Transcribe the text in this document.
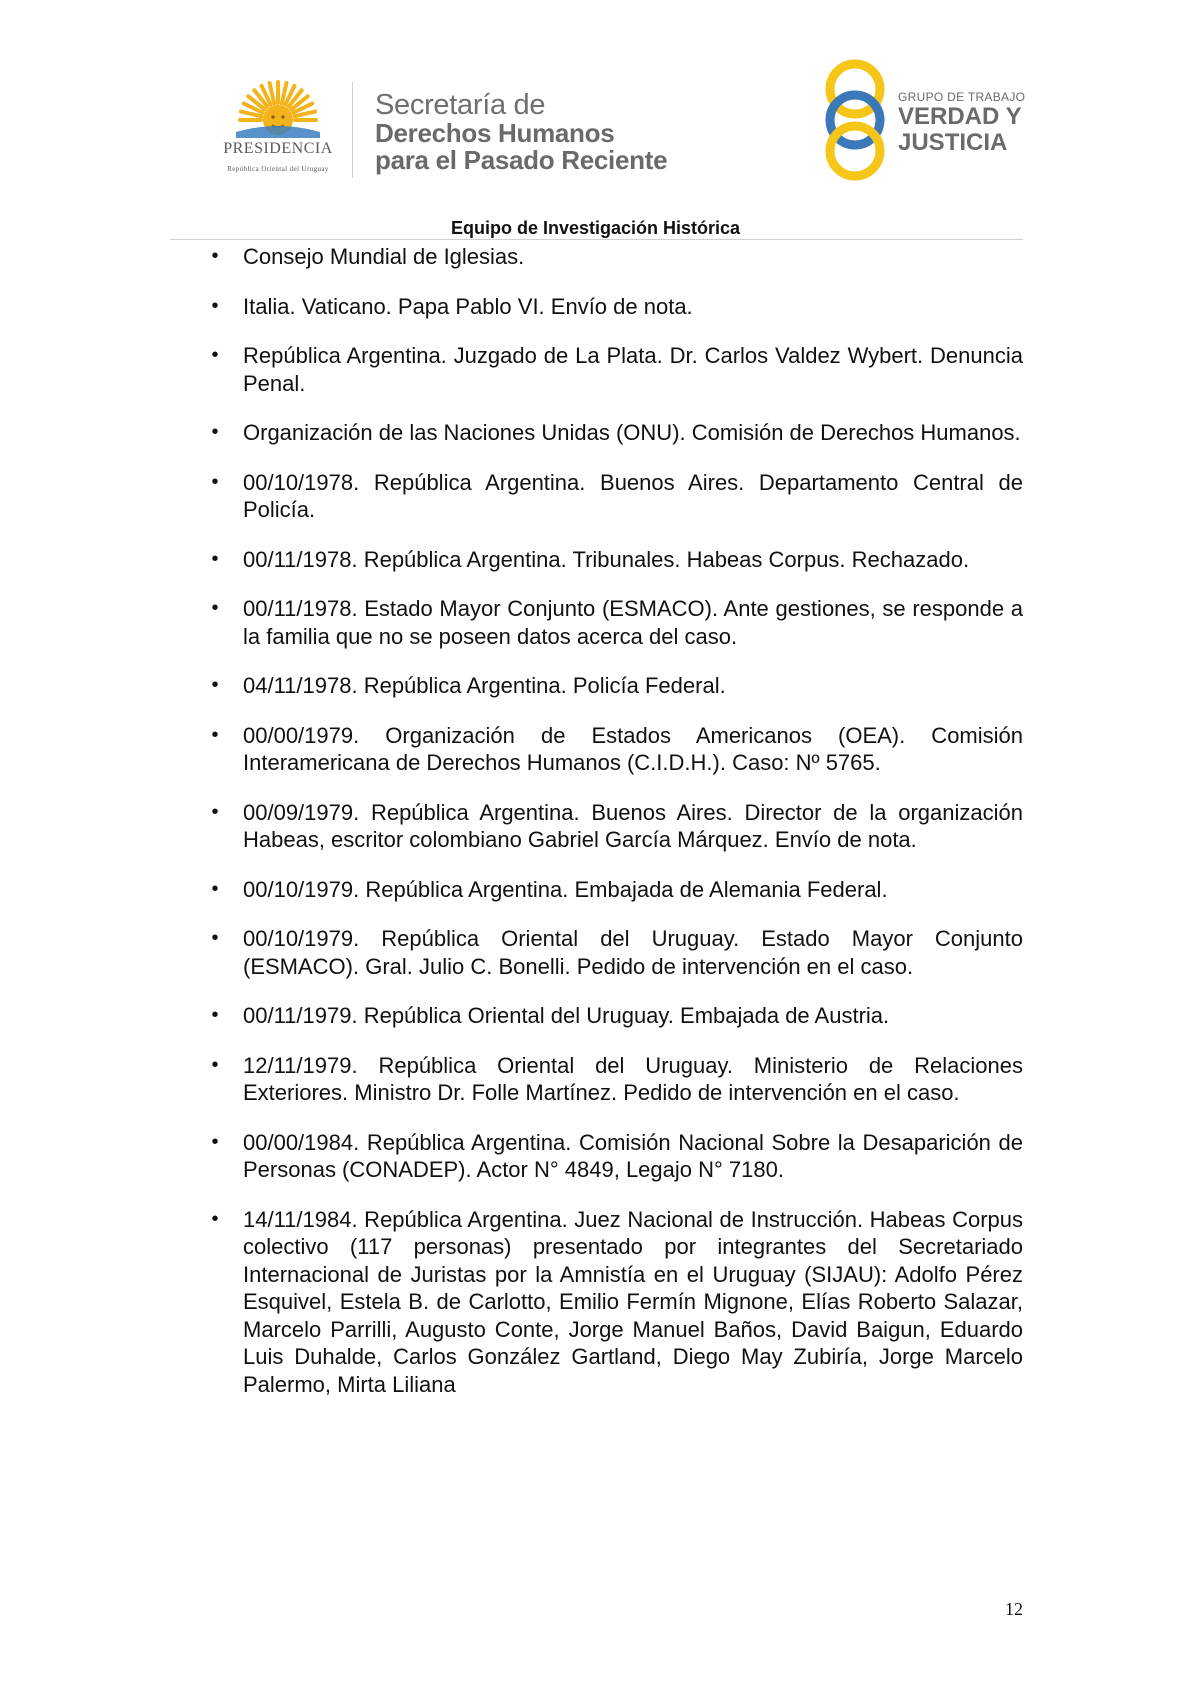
PRESIDENCIA
República Oriental del Uruguay
Secretaría de
Derechos Humanos
para el Pasado Reciente
GRUPO DE TRABAJO
VERDAD Y
JUSTICIA
Equipo de Investigación Histórica
• Consejo Mundial de Iglesias.
• Italia. Vaticano. Papa Pablo VI. Envío de nota.
• República Argentina. Juzgado de La Plata. Dr. Carlos Valdez Wybert. Denuncia Penal.
• Organización de las Naciones Unidas (ONU). Comisión de Derechos Humanos.
• 00/10/1978. República Argentina. Buenos Aires. Departamento Central de Policía.
• 00/11/1978. República Argentina. Tribunales. Habeas Corpus. Rechazado.
• 00/11/1978. Estado Mayor Conjunto (ESMACO). Ante gestiones, se responde a la familia que no se poseen datos acerca del caso.
• 04/11/1978. República Argentina. Policía Federal.
• 00/00/1979. Organización de Estados Americanos (OEA). Comisión Interamericana de Derechos Humanos (C.I.D.H.). Caso: Nº 5765.
• 00/09/1979. República Argentina. Buenos Aires. Director de la organización Habeas, escritor colombiano Gabriel García Márquez. Envío de nota.
• 00/10/1979. República Argentina. Embajada de Alemania Federal.
• 00/10/1979. República Oriental del Uruguay. Estado Mayor Conjunto (ESMACO). Gral. Julio C. Bonelli. Pedido de intervención en el caso.
• 00/11/1979. República Oriental del Uruguay. Embajada de Austria.
• 12/11/1979. República Oriental del Uruguay. Ministerio de Relaciones Exteriores. Ministro Dr. Folle Martínez. Pedido de intervención en el caso.
• 00/00/1984. República Argentina. Comisión Nacional Sobre la Desaparición de Personas (CONADEP). Actor N° 4849, Legajo N° 7180.
• 14/11/1984. República Argentina. Juez Nacional de Instrucción. Habeas Corpus colectivo (117 personas) presentado por integrantes del Secretariado Internacional de Juristas por la Amnistía en el Uruguay (SIJAU): Adolfo Pérez Esquivel, Estela B. de Carlotto, Emilio Fermín Mignone, Elías Roberto Salazar, Marcelo Parrilli, Augusto Conte, Jorge Manuel Baños, David Baigun, Eduardo Luis Duhalde, Carlos González Gartland, Diego May Zubiría, Jorge Marcelo Palermo, Mirta Liliana
12
